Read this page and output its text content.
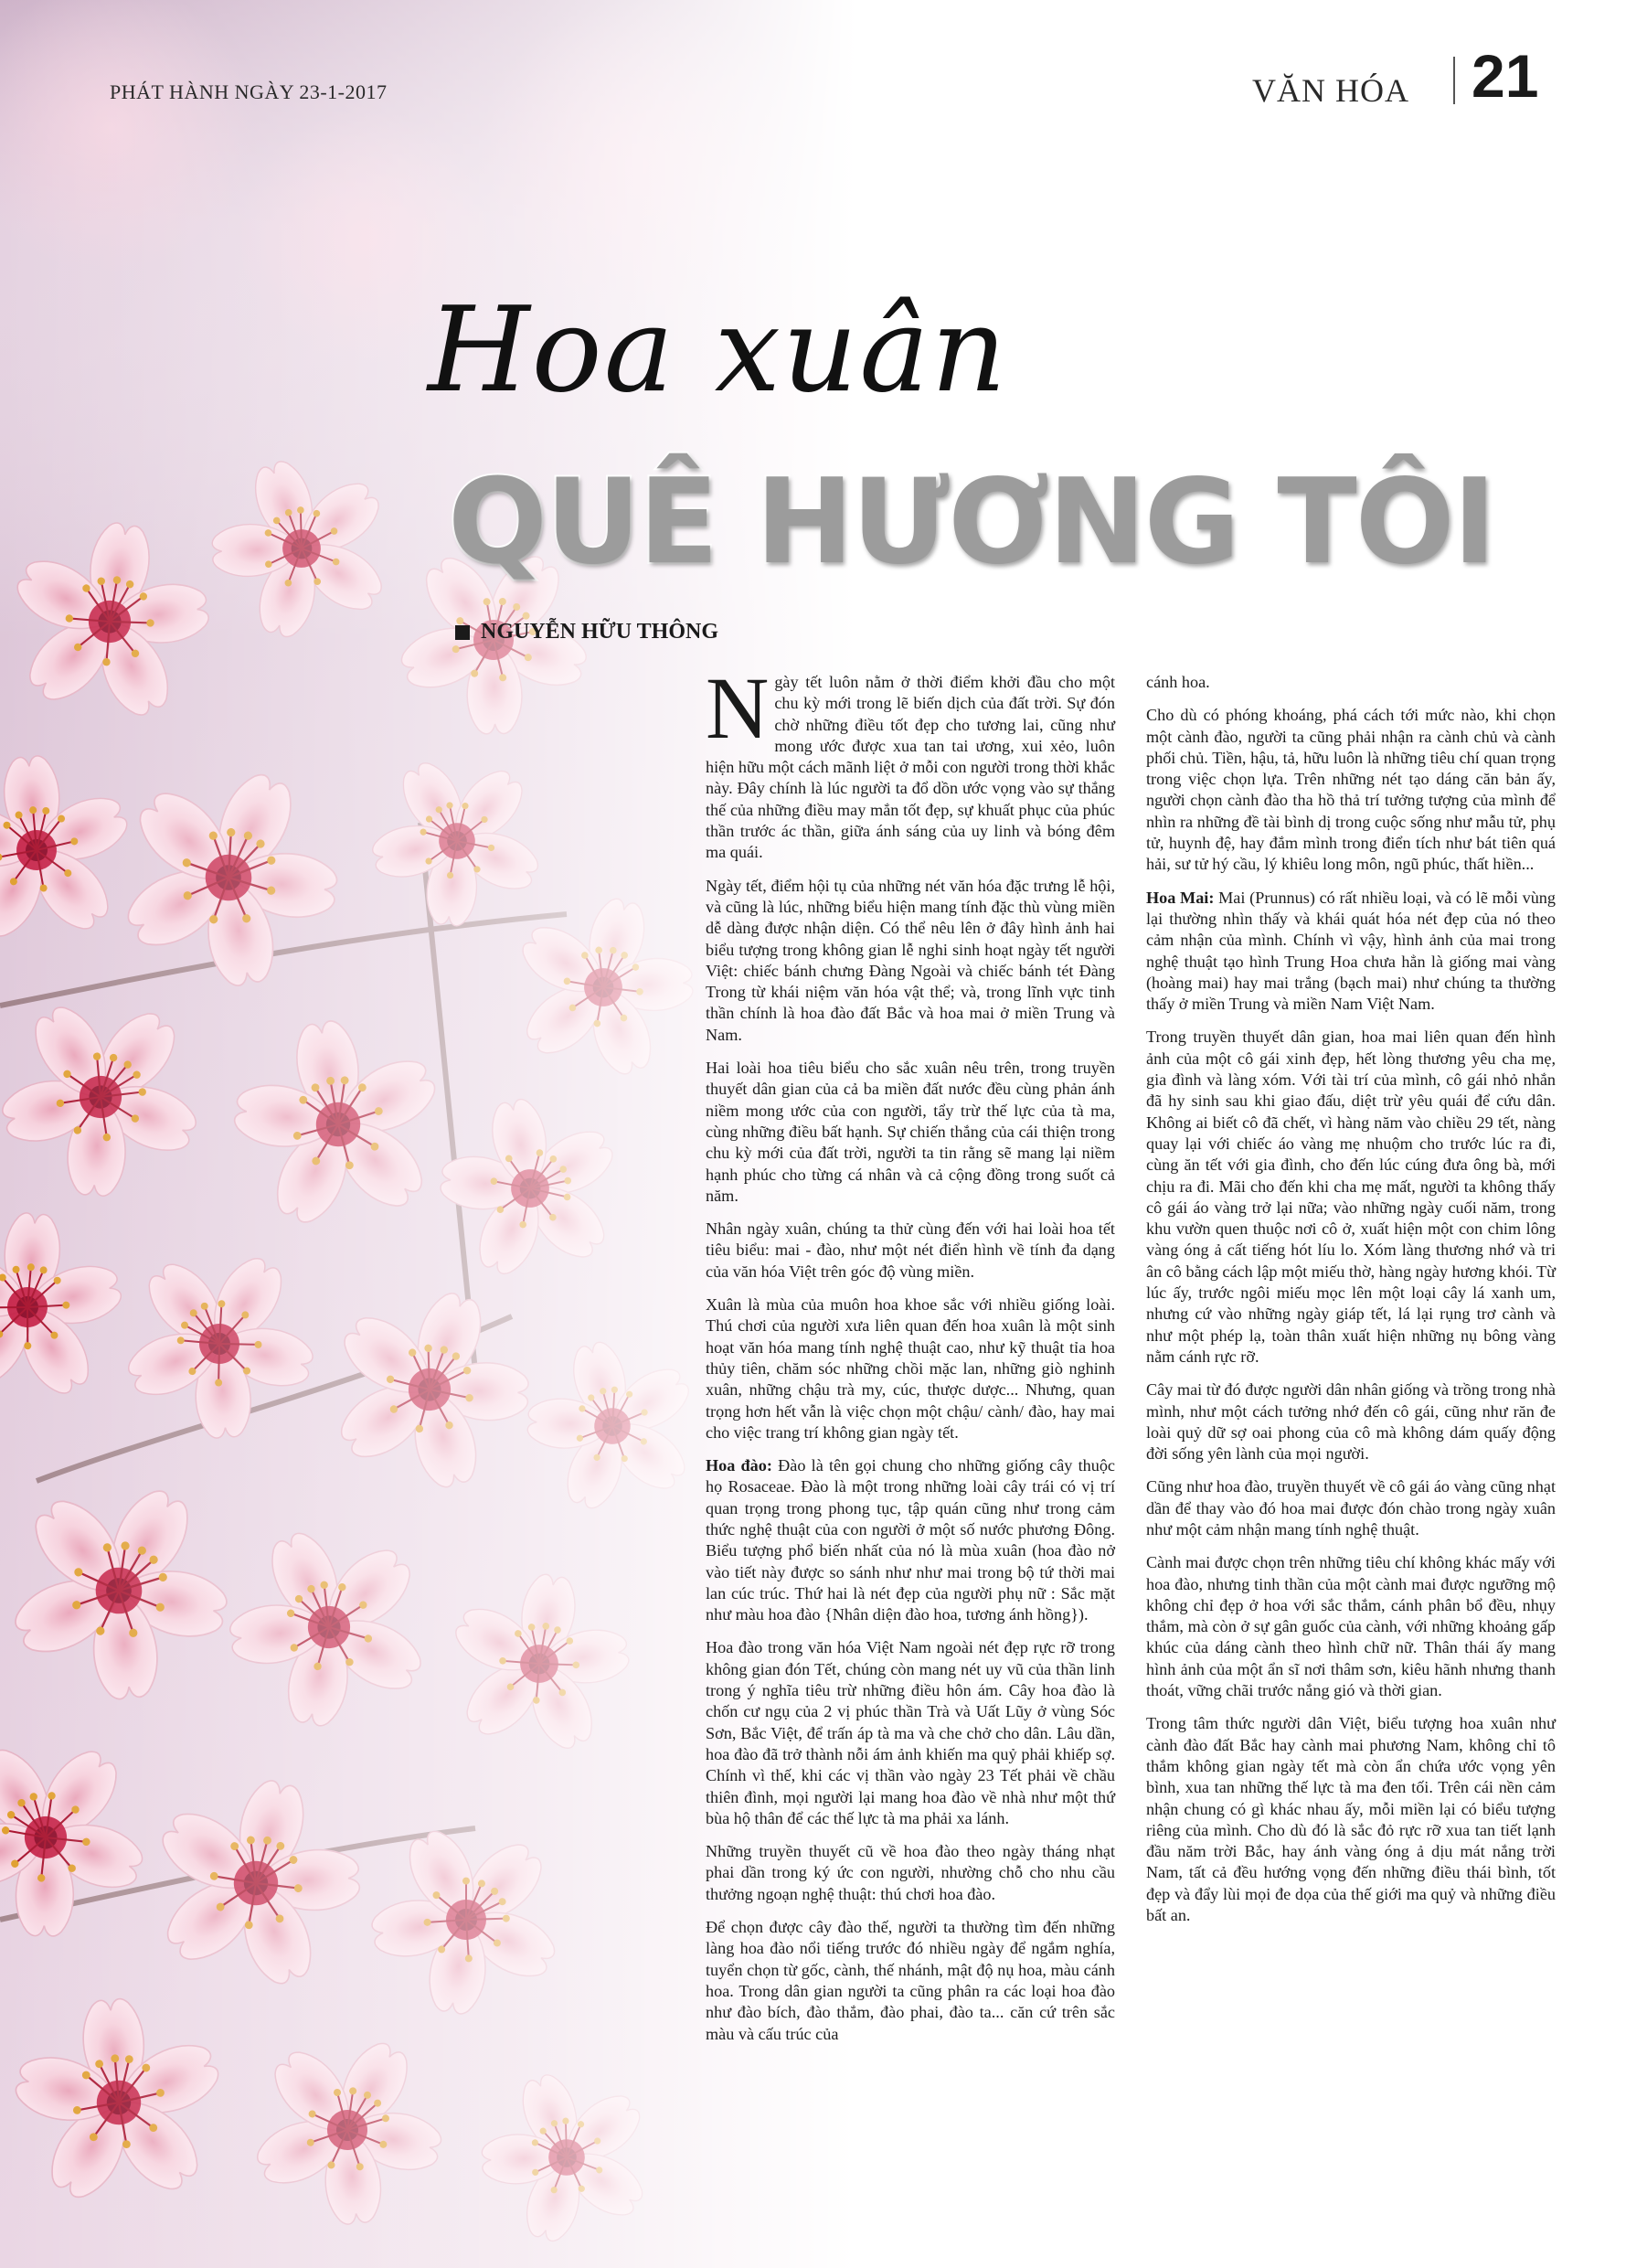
PHÁT HÀNH NGÀY 23-1-2017	VĂN HÓA 21
Hoa xuân
QUÊ HƯƠNG TÔI
NGUYỄN HỮU THÔNG

Ngày tết luôn nằm ở thời điểm khởi đầu cho một chu kỳ mới trong lẽ biến dịch của đất trời. Sự đón chờ những điều tốt đẹp cho tương lai, cũng như mong ước được xua tan tai ương, xui xẻo, luôn hiện hữu một cách mãnh liệt ở mỗi con người trong thời khắc này. Đây chính là lúc người ta đổ dồn ước vọng vào sự thắng thế của những điều may mắn tốt đẹp, sự khuất phục của phúc thần trước ác thần, giữa ánh sáng của uy linh và bóng đêm ma quái.

Ngày tết, điểm hội tụ của những nét văn hóa đặc trưng lễ hội, và cũng là lúc, những biểu hiện mang tính đặc thù vùng miền dễ dàng được nhận diện. Có thể nêu lên ở đây hình ảnh hai biểu tượng trong không gian lễ nghi sinh hoạt ngày tết người Việt: chiếc bánh chưng Đàng Ngoài và chiếc bánh tét Đàng Trong từ khái niệm văn hóa vật thể; và, trong lĩnh vực tinh thần chính là hoa đào đất Bắc và hoa mai ở miền Trung và Nam.

Hai loài hoa tiêu biểu cho sắc xuân nêu trên, trong truyền thuyết dân gian của cả ba miền đất nước đều cùng phản ánh niềm mong ước của con người, tẩy trừ thế lực của tà ma, cùng những điều bất hạnh. Sự chiến thắng của cái thiện trong chu kỳ mới của đất trời, người ta tin rằng sẽ mang lại niềm hạnh phúc cho từng cá nhân và cả cộng đồng trong suốt cả năm.

Nhân ngày xuân, chúng ta thử cùng đến với hai loài hoa tết tiêu biểu: mai - đào, như một nét điển hình về tính đa dạng của văn hóa Việt trên góc độ vùng miền.

Xuân là mùa của muôn hoa khoe sắc với nhiều giống loài. Thú chơi của người xưa liên quan đến hoa xuân là một sinh hoạt văn hóa mang tính nghệ thuật cao, như kỹ thuật tỉa hoa thủy tiên, chăm sóc những chồi mặc lan, những giò nghinh xuân, những chậu trà my, cúc, thược dược... Nhưng, quan trọng hơn hết vẫn là việc chọn một chậu/ cành/ đào, hay mai cho việc trang trí không gian ngày tết.

Hoa đào: Đào là tên gọi chung cho những giống cây thuộc họ Rosaceae. Đào là một trong những loài cây trái có vị trí quan trọng trong phong tục, tập quán cũng như trong cảm thức nghệ thuật của con người ở một số nước phương Đông. Biểu tượng phổ biến nhất của nó là mùa xuân (hoa đào nở vào tiết này được so sánh như như mai trong bộ tứ thời mai lan cúc trúc. Thứ hai là nét đẹp của người phụ nữ : Sắc mặt như màu hoa đào {Nhân diện đào hoa, tương ánh hồng}).

Hoa đào trong văn hóa Việt Nam ngoài nét đẹp rực rỡ trong không gian đón Tết, chúng còn mang nét uy vũ của thần linh trong ý nghĩa tiêu trừ những điều hôn ám. Cây hoa đào là chốn cư ngụ của 2 vị phúc thần Trà và Uất Lũy ở vùng Sóc Sơn, Bắc Việt, để trấn áp tà ma và che chở cho dân. Lâu dần, hoa đào đã trở thành nỗi ám ảnh khiến ma quỷ phải khiếp sợ. Chính vì thế, khi các vị thần vào ngày 23 Tết phải về chầu thiên đình, mọi người lại mang hoa đào về nhà như một thứ bùa hộ thân để các thế lực tà ma phải xa lánh.

Những truyền thuyết cũ về hoa đào theo ngày tháng nhạt phai dần trong ký ức con người, nhường chỗ cho nhu cầu thưởng ngoạn nghệ thuật: thú chơi hoa đào.

Để chọn được cây đào thế, người ta thường tìm đến những làng hoa đào nổi tiếng trước đó nhiều ngày để ngắm nghía, tuyển chọn từ gốc, cành, thế nhánh, mật độ nụ hoa, màu cánh hoa. Trong dân gian người ta cũng phân ra các loại hoa đào như đào bích, đào thắm, đào phai, đào ta... căn cứ trên sắc màu và cấu trúc của

cánh hoa.

Cho dù có phóng khoáng, phá cách tới mức nào, khi chọn một cành đào, người ta cũng phải nhận ra cành chủ và cành phối chủ. Tiền, hậu, tả, hữu luôn là những tiêu chí quan trọng trong việc chọn lựa. Trên những nét tạo dáng căn bản ấy, người chọn cành đào tha hồ thả trí tưởng tượng của mình để nhìn ra những đề tài bình dị trong cuộc sống như mẫu tử, phụ tử, huynh đệ, hay đắm mình trong điển tích như bát tiên quá hải, sư tử hý cầu, lý khiêu long môn, ngũ phúc, thất hiền...

Hoa Mai: Mai (Prunnus) có rất nhiều loại, và có lẽ mỗi vùng lại thường nhìn thấy và khái quát hóa nét đẹp của nó theo cảm nhận của mình. Chính vì vậy, hình ảnh của mai trong nghệ thuật tạo hình Trung Hoa chưa hẳn là giống mai vàng (hoàng mai) hay mai trắng (bạch mai) như chúng ta thường thấy ở miền Trung và miền Nam Việt Nam.

Trong truyền thuyết dân gian, hoa mai liên quan đến hình ảnh của một cô gái xinh đẹp, hết lòng thương yêu cha mẹ, gia đình và làng xóm. Với tài trí của mình, cô gái nhỏ nhắn đã hy sinh sau khi giao đấu, diệt trừ yêu quái để cứu dân. Không ai biết cô đã chết, vì hàng năm vào chiều 29 tết, nàng quay lại với chiếc áo vàng mẹ nhuộm cho trước lúc ra đi, cùng ăn tết với gia đình, cho đến lúc cúng đưa ông bà, mới chịu ra đi. Mãi cho đến khi cha mẹ mất, người ta không thấy cô gái áo vàng trở lại nữa; vào những ngày cuối năm, trong khu vườn quen thuộc nơi cô ở, xuất hiện một con chim lông vàng óng ả cất tiếng hót líu lo. Xóm làng thương nhớ và tri ân cô bằng cách lập một miếu thờ, hàng ngày hương khói. Từ lúc ấy, trước ngôi miếu mọc lên một loại cây lá xanh um, nhưng cứ vào những ngày giáp tết, lá lại rụng trơ cành và như một phép lạ, toàn thân xuất hiện những nụ bông vàng nằm cánh rực rỡ.

Cây mai từ đó được người dân nhân giống và trồng trong nhà mình, như một cách tưởng nhớ đến cô gái, cũng như răn đe loài quỷ dữ sợ oai phong của cô mà không dám quấy động đời sống yên lành của mọi người.

Cũng như hoa đào, truyền thuyết về cô gái áo vàng cũng nhạt dần để thay vào đó hoa mai được đón chào trong ngày xuân như một cảm nhận mang tính nghệ thuật.

Cành mai được chọn trên những tiêu chí không khác mấy với hoa đào, nhưng tinh thần của một cành mai được ngưỡng mộ không chỉ đẹp ở hoa với sắc thắm, cánh phân bổ đều, nhụy thắm, mà còn ở sự gân guốc của cành, với những khoảng gấp khúc của dáng cành theo hình chữ nữ. Thân thái ấy mang hình ảnh của một ẩn sĩ nơi thâm sơn, kiêu hãnh nhưng thanh thoát, vững chãi trước nắng gió và thời gian.

Trong tâm thức người dân Việt, biểu tượng hoa xuân như cành đào đất Bắc hay cành mai phương Nam, không chỉ tô thắm không gian ngày tết mà còn ẩn chứa ước vọng yên bình, xua tan những thế lực tà ma đen tối. Trên cái nền cảm nhận chung có gì khác nhau ấy, mỗi miền lại có biểu tượng riêng của mình. Cho dù đó là sắc đỏ rực rỡ xua tan tiết lạnh đầu năm trời Bắc, hay ánh vàng óng ả dịu mát nắng trời Nam, tất cả đều hướng vọng đến những điều thái bình, tốt đẹp và đẩy lùi mọi đe dọa của thế giới ma quỷ và những điều bất an.
